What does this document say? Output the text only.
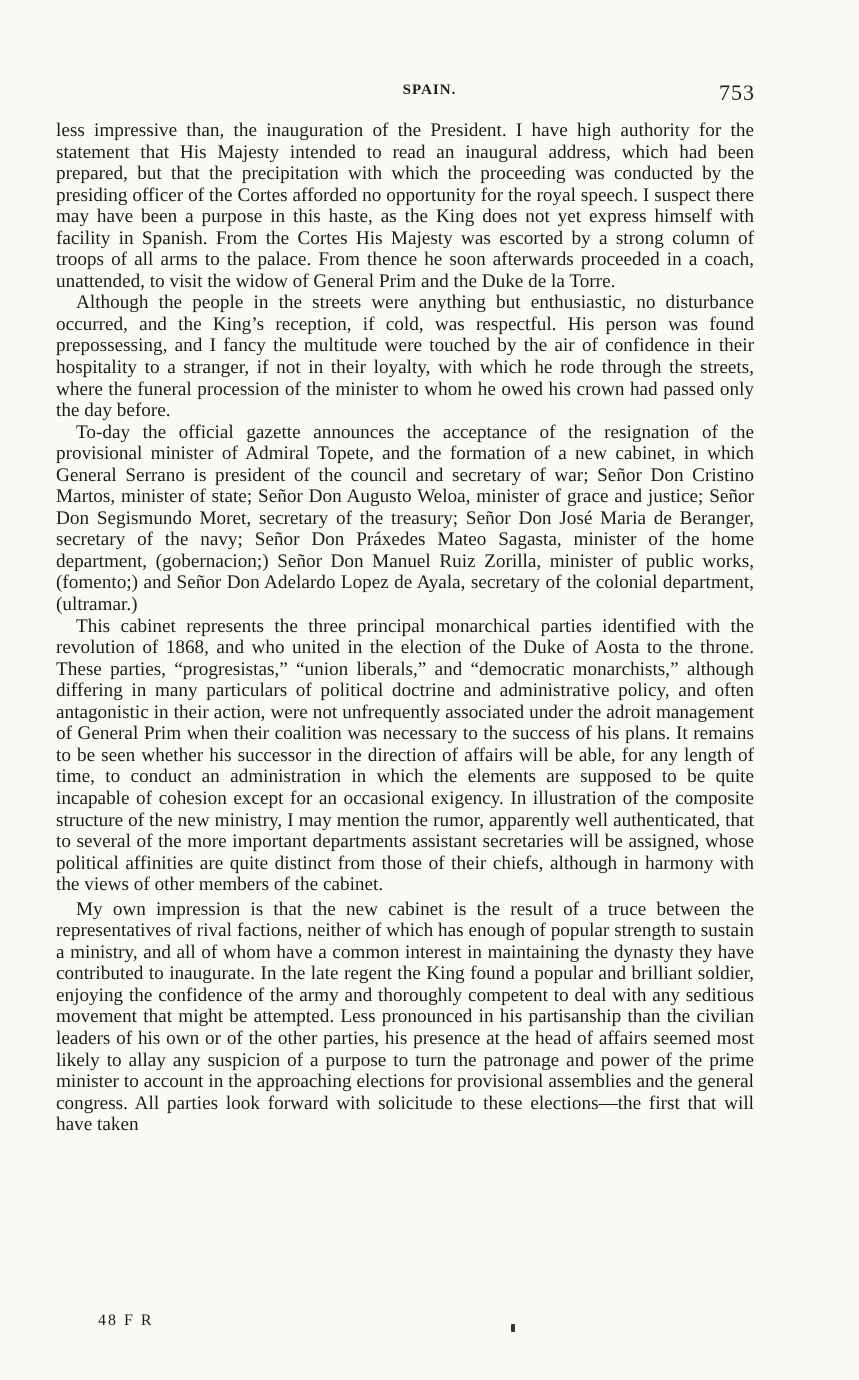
SPAIN.	753

less impressive than, the inauguration of the President. I have high authority for the statement that His Majesty intended to read an inaugural address, which had been prepared, but that the precipitation with which the proceeding was conducted by the presiding officer of the Cortes afforded no opportunity for the royal speech. I suspect there may have been a purpose in this haste, as the King does not yet express himself with facility in Spanish. From the Cortes His Majesty was escorted by a strong column of troops of all arms to the palace. From thence he soon afterwards proceeded in a coach, unattended, to visit the widow of General Prim and the Duke de la Torre.

Although the people in the streets were anything but enthusiastic, no disturbance occurred, and the King’s reception, if cold, was respectful. His person was found prepossessing, and I fancy the multitude were touched by the air of confidence in their hospitality to a stranger, if not in their loyalty, with which he rode through the streets, where the funeral procession of the minister to whom he owed his crown had passed only the day before.

To-day the official gazette announces the acceptance of the resignation of the provisional minister of Admiral Topete, and the formation of a new cabinet, in which General Serrano is president of the council and secretary of war; Señor Don Cristino Martos, minister of state; Señor Don Augusto Weloa, minister of grace and justice; Señor Don Segismundo Moret, secretary of the treasury; Señor Don José Maria de Beranger, secretary of the navy; Señor Don Práxedes Mateo Sagasta, minister of the home department, (gobernacion;) Señor Don Manuel Ruiz Zorilla, minister of public works, (fomento;) and Señor Don Adelardo Lopez de Ayala, secretary of the colonial department, (ultramar.)

This cabinet represents the three principal monarchical parties identified with the revolution of 1868, and who united in the election of the Duke of Aosta to the throne. These parties, “progresistas,” “union liberals,” and “democratic monarchists,” although differing in many particulars of political doctrine and administrative policy, and often antagonistic in their action, were not unfrequently associated under the adroit management of General Prim when their coalition was necessary to the success of his plans. It remains to be seen whether his successor in the direction of affairs will be able, for any length of time, to conduct an administration in which the elements are supposed to be quite incapable of cohesion except for an occasional exigency. In illustration of the composite structure of the new ministry, I may mention the rumor, apparently well authenticated, that to several of the more important departments assistant secretaries will be assigned, whose political affinities are quite distinct from those of their chiefs, although in harmony with the views of other members of the cabinet.

My own impression is that the new cabinet is the result of a truce between the representatives of rival factions, neither of which has enough of popular strength to sustain a ministry, and all of whom have a common interest in maintaining the dynasty they have contributed to inaugurate. In the late regent the King found a popular and brilliant soldier, enjoying the confidence of the army and thoroughly competent to deal with any seditious movement that might be attempted. Less pronounced in his partisanship than the civilian leaders of his own or of the other parties, his presence at the head of affairs seemed most likely to allay any suspicion of a purpose to turn the patronage and power of the prime minister to account in the approaching elections for provisional assemblies and the general congress. All parties look forward with solicitude to these elections—the first that will have taken

48 F R
